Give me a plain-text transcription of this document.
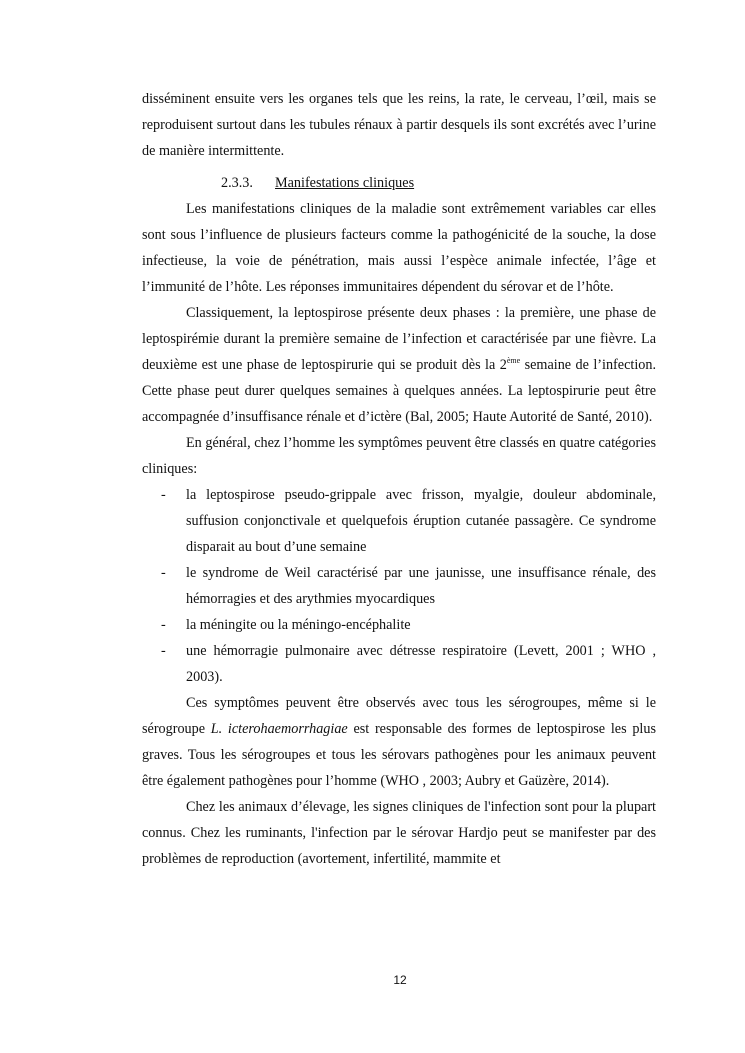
disséminent ensuite vers les organes tels que les reins, la rate, le cerveau, l’œil, mais se reproduisent surtout dans les tubules rénaux à partir desquels ils sont excrétés avec l’urine de manière intermittente.

2.3.3. Manifestations cliniques

Les manifestations cliniques de la maladie sont extrêmement variables car elles sont sous l’influence de plusieurs facteurs comme la pathogénicité de la souche, la dose infectieuse, la voie de pénétration, mais aussi l’espèce animale infectée, l’âge et l’immunité de l’hôte. Les réponses immunitaires dépendent du sérovar et de l’hôte.

Classiquement, la leptospirose présente deux phases : la première, une phase de leptospirémie durant la première semaine de l’infection et caractérisée par une fièvre. La deuxième est une phase de leptospirurie qui se produit dès la 2ème semaine de l’infection. Cette phase peut durer quelques semaines à quelques années. La leptospirurie peut être accompagnée d’insuffisance rénale et d’ictère (Bal, 2005; Haute Autorité de Santé, 2010).

En général, chez l’homme les symptômes peuvent être classés en quatre catégories cliniques:

- la leptospirose pseudo-grippale avec frisson, myalgie, douleur abdominale, suffusion conjonctivale et quelquefois éruption cutanée passagère. Ce syndrome disparait au bout d’une semaine
- le syndrome de Weil caractérisé par une jaunisse, une insuffisance rénale, des hémorragies et des arythmies myocardiques
- la méningite ou la méningo-encéphalite
- une hémorragie pulmonaire avec détresse respiratoire (Levett, 2001 ; WHO , 2003).

Ces symptômes peuvent être observés avec tous les sérogroupes, même si le sérogroupe L. icterohaemorrhagiae est responsable des formes de leptospirose les plus graves. Tous les sérogroupes et tous les sérovars pathogènes pour les animaux peuvent être également pathogènes pour l’homme (WHO , 2003; Aubry et Gaüzère, 2014).

Chez les animaux d’élevage, les signes cliniques de l'infection sont pour la plupart connus. Chez les ruminants, l'infection par le sérovar Hardjo peut se manifester par des problèmes de reproduction (avortement, infertilité, mammite et

12
